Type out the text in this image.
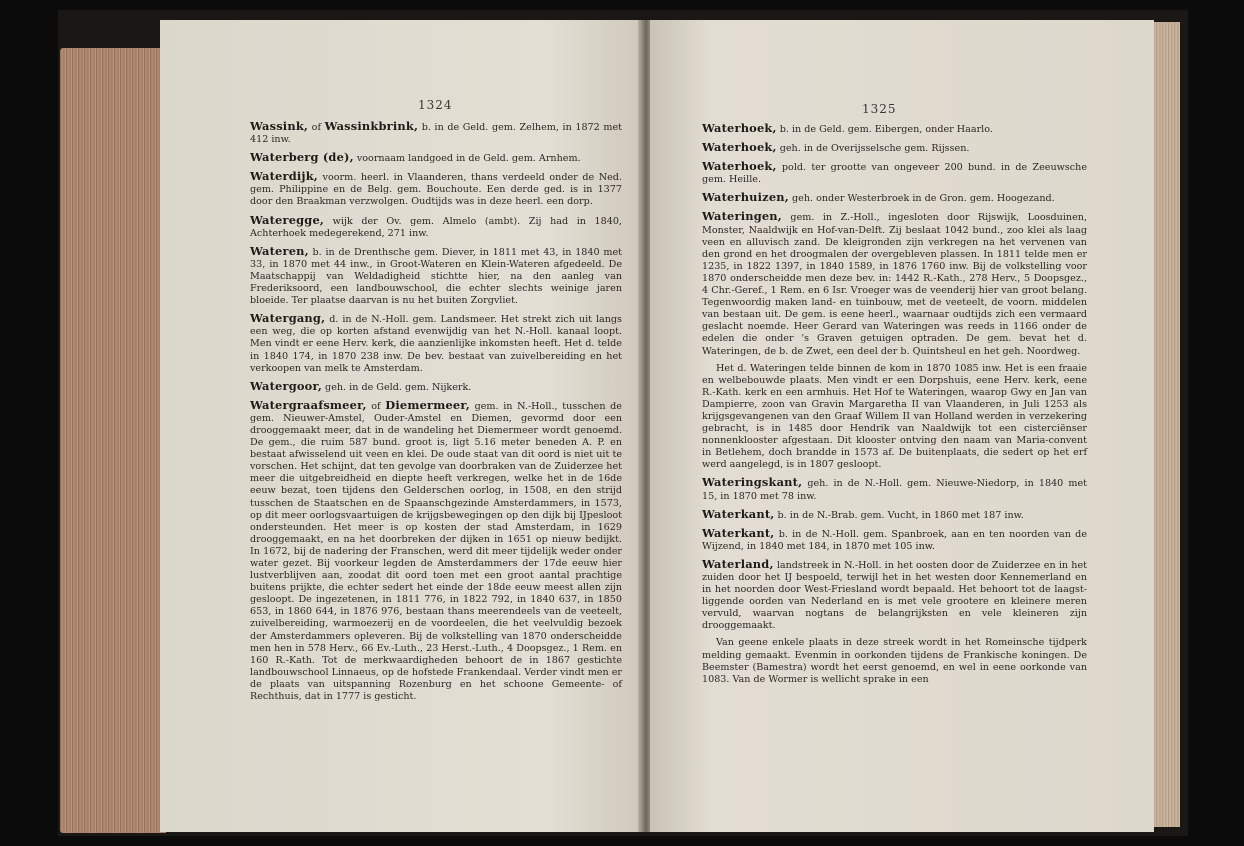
1324

Wassink, of Wassinkbrink, b. in de Geld. gem. Zelhem, in 1872 met 412 inw.

Waterberg (de), voornaam landgoed in de Geld. gem. Arnhem.

Waterdijk, voorm. heerl. in Vlaanderen, thans verdeeld onder de Ned. gem. Philippine en de Belg. gem. Bouchoute. Een derde ged. is in 1377 door den Braakman verzwolgen. Oudtijds was in deze heerl. een dorp.

Wateregge, wijk der Ov. gem. Almelo (ambt). Zij had in 1840, Achterhoek medegerekend, 271 inw.

Wateren, b. in de Drenthsche gem. Diever, in 1811 met 43, in 1840 met 33, in 1870 met 44 inw., in Groot-Wateren en Klein-Wateren afgedeeld. De Maatschappij van Weldadigheid stichtte hier, na den aanleg van Frederiksoord, een landbouwschool, die echter slechts weinige jaren bloeide. Ter plaatse daarvan is nu het buiten Zorgvliet.

Watergang, d. in de N.-Holl. gem. Landsmeer. Het strekt zich uit langs een weg, die op korten afstand evenwijdig van het N.-Holl. kanaal loopt. Men vindt er eene Herv. kerk, die aanzienlijke inkomsten heeft. Het d. telde in 1840 174, in 1870 238 inw. De bev. bestaat van zuivelbereiding en het verkoopen van melk te Amsterdam.

Watergoor, geh. in de Geld. gem. Nijkerk.

Watergraafsmeer, of Diemermeer, gem. in N.-Holl., tusschen de gem. Nieuwer-Amstel, Ouder-Amstel en Diemen, gevormd door een drooggemaakt meer, dat in de wandeling het Diemermeer wordt genoemd. De gem., die ruim 587 bund. groot is, ligt 5.16 meter beneden A. P. en bestaat afwisselend uit veen en klei. De oude staat van dit oord is niet uit te vorschen. Het schijnt, dat ten gevolge van doorbraken van de Zuiderzee het meer die uitgebreidheid en diepte heeft verkregen, welke het in de 16de eeuw bezat, toen tijdens den Gelderschen oorlog, in 1508, en den strijd tusschen de Staatschen en de Spaanschgezinde Amsterdammers, in 1573, op dit meer oorlogsvaartuigen de krijgsbewegingen op den dijk bij IJpesloot ondersteunden. Het meer is op kosten der stad Amsterdam, in 1629 drooggemaakt, en na het doorbreken der dijken in 1651 op nieuw bedijkt. In 1672, bij de nadering der Franschen, werd dit meer tijdelijk weder onder water gezet. Bij voorkeur legden de Amsterdammers der 17de eeuw hier lustverblijven aan, zoodat dit oord toen met een groot aantal prachtige buitens prijkte, die echter sedert het einde der 18de eeuw meest allen zijn gesloopt. De ingezetenen, in 1811 776, in 1822 792, in 1840 637, in 1850 653, in 1860 644, in 1876 976, bestaan thans meerendeels van de veeteelt, zuivelbereiding, warmoezerij en de voordeelen, die het veelvuldig bezoek der Amsterdammers opleveren. Bij de volkstelling van 1870 onderscheidde men hen in 578 Herv., 66 Ev.-Luth., 23 Herst.-Luth., 4 Doopsgez., 1 Rem. en 160 R.-Kath. Tot de merkwaardigheden behoort de in 1867 gestichte landbouwschool Linnaeus, op de hofstede Frankendaal. Verder vindt men er de plaats van uitspanning Rozenburg en het schoone Gemeente- of Rechthuis, dat in 1777 is gesticht.

1325

Waterhoek, b. in de Geld. gem. Eibergen, onder Haarlo.

Waterhoek, geh. in de Overijsselsche gem. Rijssen.

Waterhoek, pold. ter grootte van ongeveer 200 bund. in de Zeeuwsche gem. Heille.

Waterhuizen, geh. onder Westerbroek in de Gron. gem. Hoogezand.

Wateringen, gem. in Z.-Holl., ingesloten door Rijswijk, Loosduinen, Monster, Naaldwijk en Hof-van-Delft. Zij beslaat 1042 bund., zoo klei als laag veen en alluvisch zand. De kleigronden zijn verkregen na het vervenen van den grond en het droogmalen der overgebleven plassen. In 1811 telde men er 1235, in 1822 1397, in 1840 1589, in 1876 1760 inw. Bij de volkstelling voor 1870 onderscheidde men deze bev. in: 1442 R.-Kath., 278 Herv., 5 Doopsgez., 4 Chr.-Geref., 1 Rem. en 6 Isr. Vroeger was de veenderij hier van groot belang. Tegenwoordig maken land- en tuinbouw, met de veeteelt, de voorn. middelen van bestaan uit. De gem. is eene heerl., waarnaar oudtijds zich een vermaard geslacht noemde. Heer Gerard van Wateringen was reeds in 1166 onder de edelen die onder 's Graven getuigen optraden. De gem. bevat het d. Wateringen, de b. de Zwet, een deel der b. Quintsheul en het geh. Noordweg.

Het d. Wateringen telde binnen de kom in 1870 1085 inw. Het is een fraaie en welbebouwde plaats. Men vindt er een Dorpshuis, eene Herv. kerk, eene R.-Kath. kerk en een armhuis. Het Hof te Wateringen, waarop Gwy en Jan van Dampierre, zoon van Gravin Margaretha II van Vlaanderen, in Juli 1253 als krijgsgevangenen van den Graaf Willem II van Holland werden in verzekering gebracht, is in 1485 door Hendrik van Naaldwijk tot een cisterciënser nonnenklooster afgestaan. Dit klooster ontving den naam van Maria-convent in Betlehem, doch brandde in 1573 af. De buitenplaats, die sedert op het erf werd aangelegd, is in 1807 gesloopt.

Wateringskant, geh. in de N.-Holl. gem. Nieuwe-Niedorp, in 1840 met 15, in 1870 met 78 inw.

Waterkant, b. in de N.-Brab. gem. Vucht, in 1860 met 187 inw.

Waterkant, b. in de N.-Holl. gem. Spanbroek, aan en ten noorden van de Wijzend, in 1840 met 184, in 1870 met 105 inw.

Waterland, landstreek in N.-Holl. in het oosten door de Zuiderzee en in het zuiden door het IJ bespoeld, terwijl het in het westen door Kennemerland en in het noorden door West-Friesland wordt bepaald. Het behoort tot de laagst-liggende oorden van Nederland en is met vele grootere en kleinere meren vervuld, waarvan nogtans de belangrijksten en vele kleineren zijn drooggemaakt.

Van geene enkele plaats in deze streek wordt in het Romeinsche tijdperk melding gemaakt. Evenmin in oorkonden tijdens de Frankische koningen. De Beemster (Bamestra) wordt het eerst genoemd, en wel in eene oorkonde van 1083. Van de Wormer is wellicht sprake in een
